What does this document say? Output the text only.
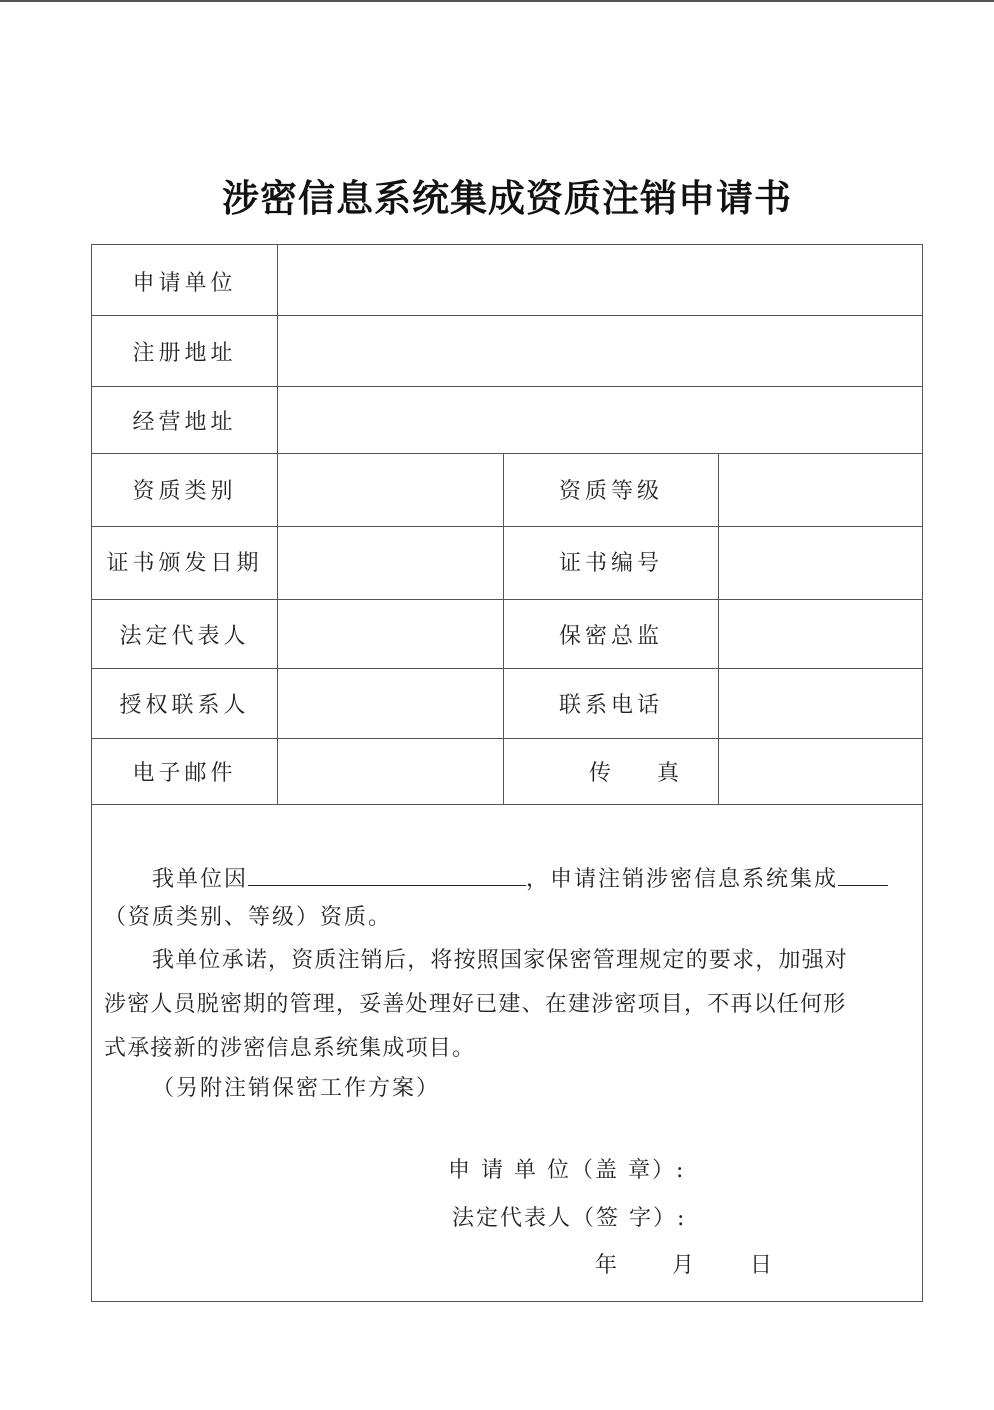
涉密信息系统集成资质注销申请书
申请单位
注册地址
经营地址
资质类别	资质等级
证书颁发日期	证书编号
法定代表人	保密总监
授权联系人	联系电话
电子邮件	传真
我单位因	，申请注销涉密信息系统集成
（资质类别、等级）资质。
我单位承诺，资质注销后，将按照国家保密管理规定的要求，加强对
涉密人员脱密期的管理，妥善处理好已建、在建涉密项目，不再以任何形
式承接新的涉密信息系统集成项目。
（另附注销保密工作方案）
申 请 单 位（盖 章）:
法定代表人（签 字）:
年 月	日
